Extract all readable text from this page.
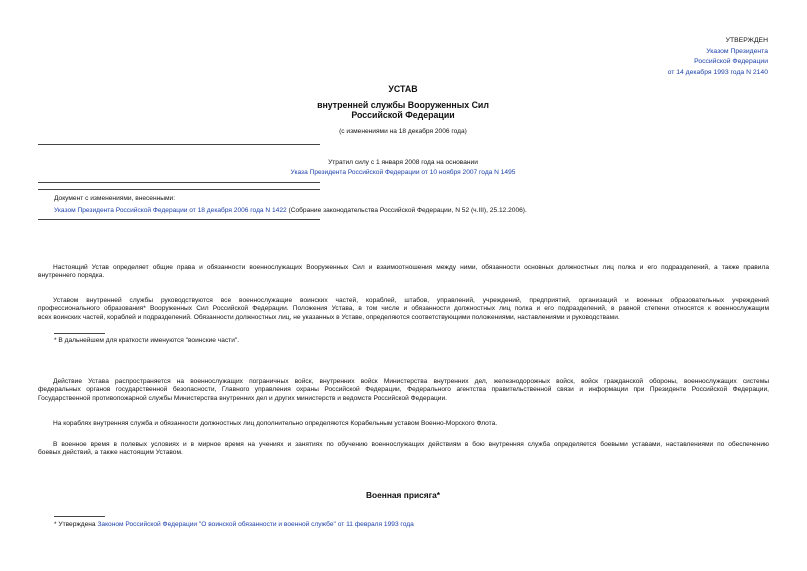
УТВЕРЖДЕН
Указом Президента
Российской Федерации
от 14 декабря 1993 года N 2140
УСТАВ
внутренней службы Вооруженных Сил
Российской Федерации
(с изменениями на 18 декабря 2006 года)
Утратил силу с 1 января 2008 года на основании
Указа Президента Российской Федерации от 10 ноября 2007 года N 1495
Документ с изменениями, внесенными:
Указом Президента Российской Федерации от 18 декабря 2006 года N 1422 (Собрание законодательства Российской Федерации, N 52 (ч.III), 25.12.2006).
Настоящий Устав определяет общие права и обязанности военнослужащих Вооруженных Сил и взаимоотношения между ними, обязанности основных должностных лиц полка и его подразделений, а также правила
внутреннего порядка.
Уставом внутренней службы руководствуются все военнослужащие воинских частей, кораблей, штабов, управлений, учреждений, предприятий, организаций и военных образовательных учреждений
профессионального образования* Вооруженных Сил Российской Федерации. Положения Устава, в том числе и обязанности должностных лиц полка и его подразделений, в равной степени относятся к военнослужащим
всех воинских частей, кораблей и подразделений. Обязанности должностных лиц, не указанных в Уставе, определяются соответствующими положениями, наставлениями и руководствами.
* В дальнейшем для краткости именуются "воинские части".
Действие Устава распространяется на военнослужащих пограничных войск, внутренних войск Министерства внутренних дел, железнодорожных войск, войск гражданской обороны, военнослужащих системы
федеральных органов государственной безопасности, Главного управления охраны Российской Федерации, Федерального агентства правительственной связи и информации при Президенте Российской Федерации,
Государственной противопожарной службы Министерства внутренних дел и других министерств и ведомств Российской Федерации.
На кораблях внутренняя служба и обязанности должностных лиц дополнительно определяются Корабельным уставом Военно-Морского Флота.
В военное время в полевых условиях и в мирное время на учениях и занятиях по обучению военнослужащих действиям в бою внутренняя служба определяется боевыми уставами, наставлениями по обеспечению
боевых действий, а также настоящим Уставом.
Военная присяга*
* Утверждена Законом Российской Федерации "О воинской обязанности и военной службе" от 11 февраля 1993 года
